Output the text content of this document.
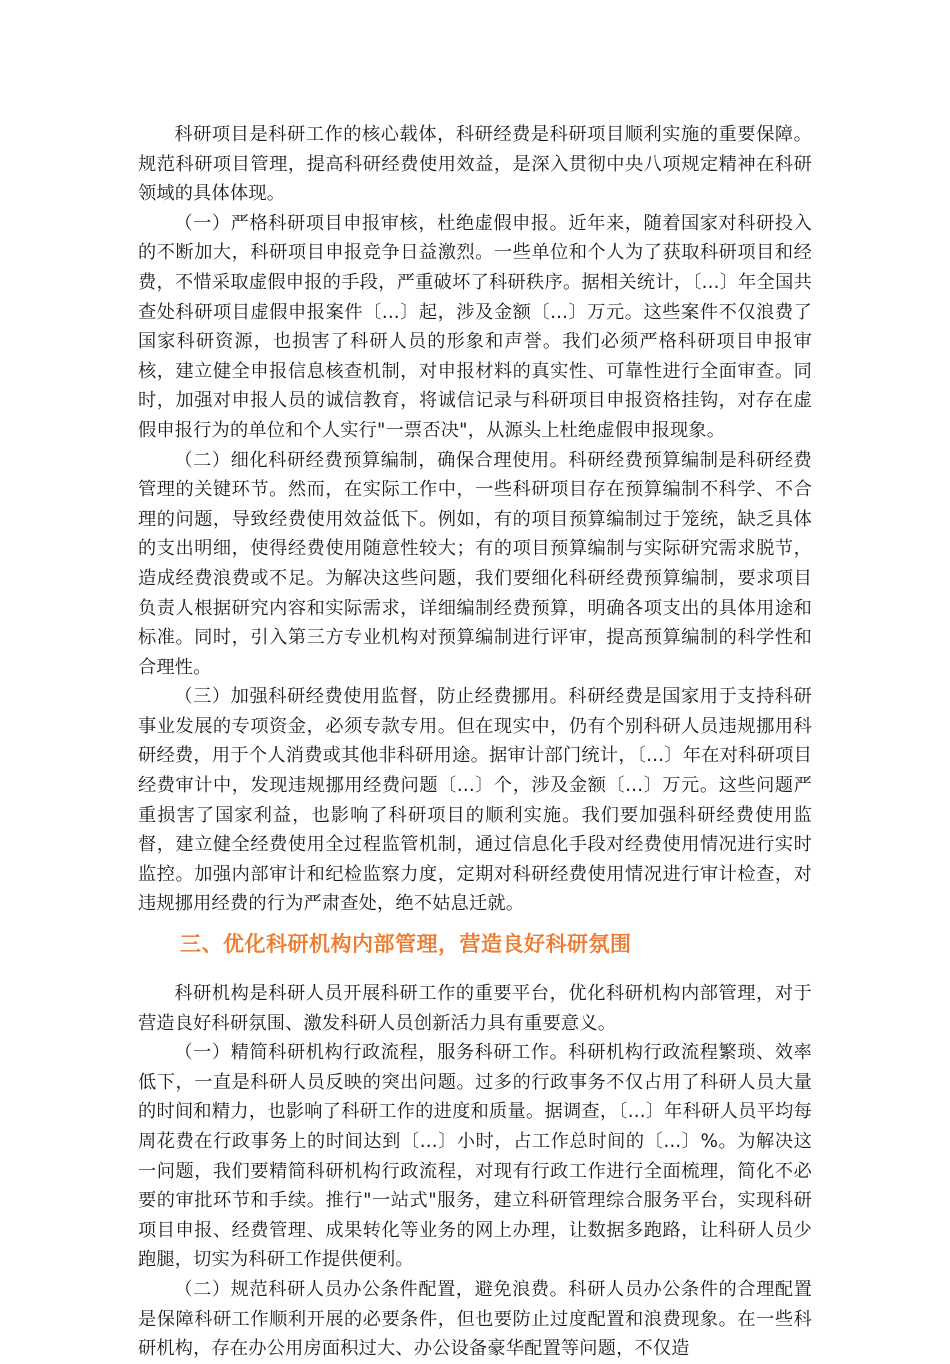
科研项目是科研工作的核心载体，科研经费是科研项目顺利实施的重要保障。规范科研项目管理，提高科研经费使用效益，是深入贯彻中央八项规定精神在科研领域的具体体现。

（一）严格科研项目申报审核，杜绝虚假申报。近年来，随着国家对科研投入的不断加大，科研项目申报竞争日益激烈。一些单位和个人为了获取科研项目和经费，不惜采取虚假申报的手段，严重破坏了科研秩序。据相关统计，〔...〕年全国共查处科研项目虚假申报案件〔...〕起，涉及金额〔...〕万元。这些案件不仅浪费了国家科研资源，也损害了科研人员的形象和声誉。我们必须严格科研项目申报审核，建立健全申报信息核查机制，对申报材料的真实性、可靠性进行全面审查。同时，加强对申报人员的诚信教育，将诚信记录与科研项目申报资格挂钩，对存在虚假申报行为的单位和个人实行"一票否决"，从源头上杜绝虚假申报现象。

（二）细化科研经费预算编制，确保合理使用。科研经费预算编制是科研经费管理的关键环节。然而，在实际工作中，一些科研项目存在预算编制不科学、不合理的问题，导致经费使用效益低下。例如，有的项目预算编制过于笼统，缺乏具体的支出明细，使得经费使用随意性较大；有的项目预算编制与实际研究需求脱节，造成经费浪费或不足。为解决这些问题，我们要细化科研经费预算编制，要求项目负责人根据研究内容和实际需求，详细编制经费预算，明确各项支出的具体用途和标准。同时，引入第三方专业机构对预算编制进行评审，提高预算编制的科学性和合理性。

（三）加强科研经费使用监督，防止经费挪用。科研经费是国家用于支持科研事业发展的专项资金，必须专款专用。但在现实中，仍有个别科研人员违规挪用科研经费，用于个人消费或其他非科研用途。据审计部门统计，〔...〕年在对科研项目经费审计中，发现违规挪用经费问题〔...〕个，涉及金额〔...〕万元。这些问题严重损害了国家利益，也影响了科研项目的顺利实施。我们要加强科研经费使用监督，建立健全经费使用全过程监管机制，通过信息化手段对经费使用情况进行实时监控。加强内部审计和纪检监察力度，定期对科研经费使用情况进行审计检查，对违规挪用经费的行为严肃查处，绝不姑息迁就。

三、优化科研机构内部管理，营造良好科研氛围

科研机构是科研人员开展科研工作的重要平台，优化科研机构内部管理，对于营造良好科研氛围、激发科研人员创新活力具有重要意义。

（一）精简科研机构行政流程，服务科研工作。科研机构行政流程繁琐、效率低下，一直是科研人员反映的突出问题。过多的行政事务不仅占用了科研人员大量的时间和精力，也影响了科研工作的进度和质量。据调查，〔...〕年科研人员平均每周花费在行政事务上的时间达到〔...〕小时，占工作总时间的〔...〕%。为解决这一问题，我们要精简科研机构行政流程，对现有行政工作进行全面梳理，简化不必要的审批环节和手续。推行"一站式"服务，建立科研管理综合服务平台，实现科研项目申报、经费管理、成果转化等业务的网上办理，让数据多跑路，让科研人员少跑腿，切实为科研工作提供便利。

（二）规范科研人员办公条件配置，避免浪费。科研人员办公条件的合理配置是保障科研工作顺利开展的必要条件，但也要防止过度配置和浪费现象。在一些科研机构，存在办公用房面积过大、办公设备豪华配置等问题，不仅造
